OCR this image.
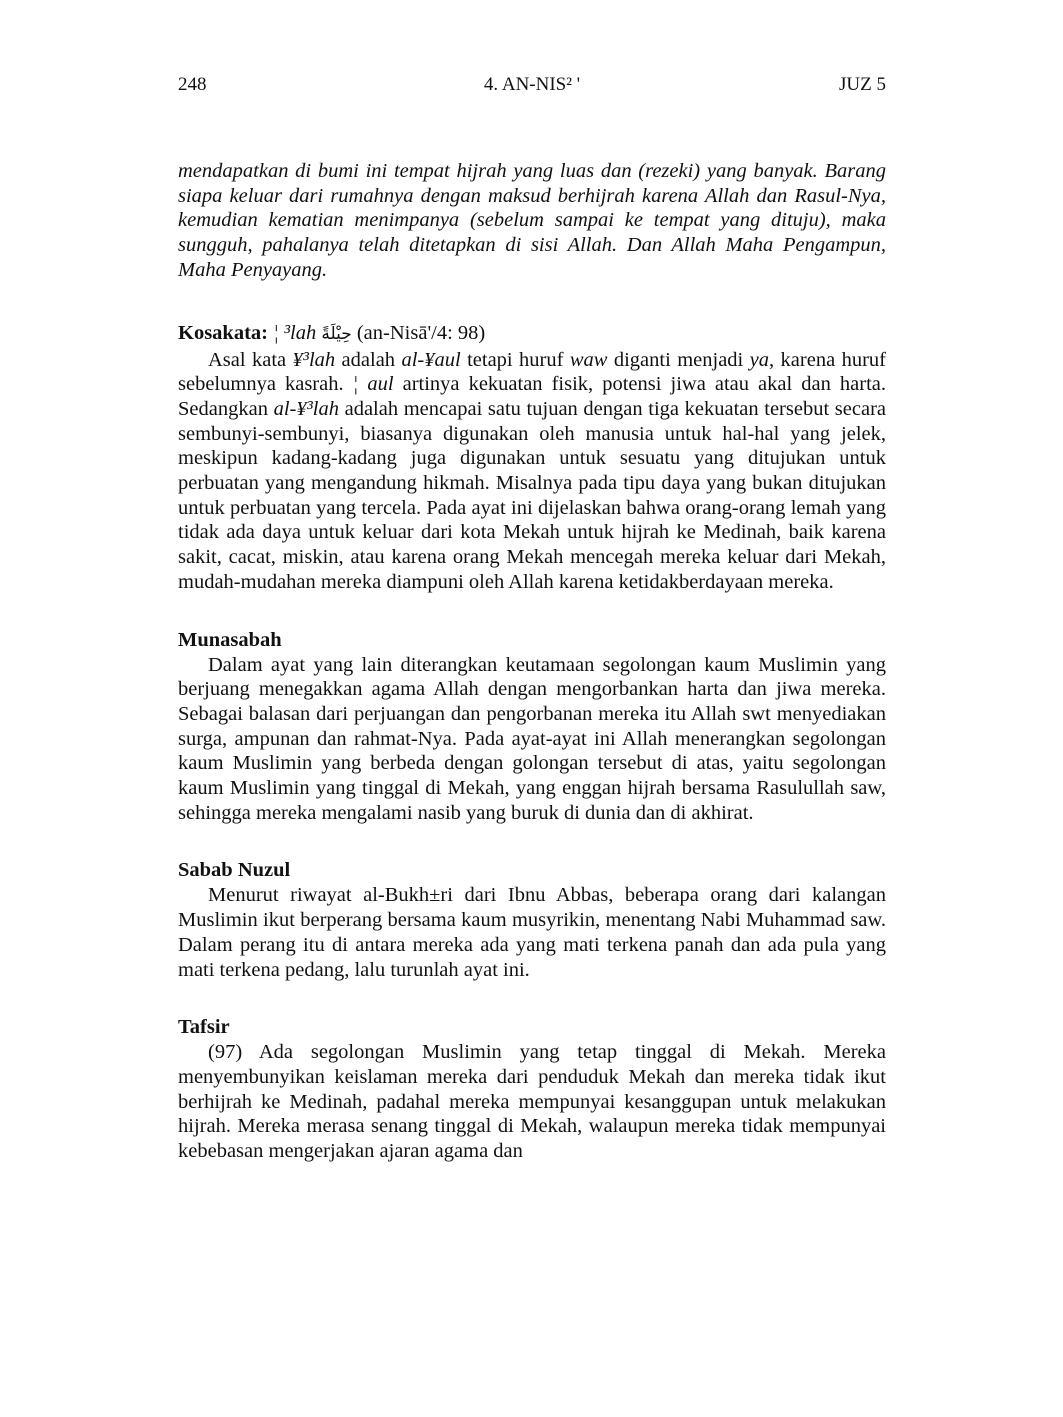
248	4. AN-NIS² '	JUZ 5

mendapatkan di bumi ini tempat hijrah yang luas dan (rezeki) yang banyak. Barang siapa keluar dari rumahnya dengan maksud berhijrah karena Allah dan Rasul-Nya, kemudian kematian menimpanya (sebelum sampai ke tempat yang dituju), maka sungguh, pahalanya telah ditetapkan di sisi Allah. Dan Allah Maha Pengampun, Maha Penyayang.

Kosakata: ¦ ³lah حِيْلَةً (an-Nisā'/4: 98)

Asal kata ¥³lah adalah al-¥aul tetapi huruf waw diganti menjadi ya, karena huruf sebelumnya kasrah. ¦ aul artinya kekuatan fisik, potensi jiwa atau akal dan harta. Sedangkan al-¥³lah adalah mencapai satu tujuan dengan tiga kekuatan tersebut secara sembunyi-sembunyi, biasanya digunakan oleh manusia untuk hal-hal yang jelek, meskipun kadang-kadang juga digunakan untuk sesuatu yang ditujukan untuk perbuatan yang mengandung hikmah. Misalnya pada tipu daya yang bukan ditujukan untuk perbuatan yang tercela. Pada ayat ini dijelaskan bahwa orang-orang lemah yang tidak ada daya untuk keluar dari kota Mekah untuk hijrah ke Medinah, baik karena sakit, cacat, miskin, atau karena orang Mekah mencegah mereka keluar dari Mekah, mudah-mudahan mereka diampuni oleh Allah karena ketidakberdayaan mereka.

Munasabah

Dalam ayat yang lain diterangkan keutamaan segolongan kaum Muslimin yang berjuang menegakkan agama Allah dengan mengorbankan harta dan jiwa mereka. Sebagai balasan dari perjuangan dan pengorbanan mereka itu Allah swt menyediakan surga, ampunan dan rahmat-Nya. Pada ayat-ayat ini Allah menerangkan segolongan kaum Muslimin yang berbeda dengan golongan tersebut di atas, yaitu segolongan kaum Muslimin yang tinggal di Mekah, yang enggan hijrah bersama Rasulullah saw, sehingga mereka mengalami nasib yang buruk di dunia dan di akhirat.

Sabab Nuzul

Menurut riwayat al-Bukh±ri dari Ibnu Abbas, beberapa orang dari kalangan Muslimin ikut berperang bersama kaum musyrikin, menentang Nabi Muhammad saw. Dalam perang itu di antara mereka ada yang mati terkena panah dan ada pula yang mati terkena pedang, lalu turunlah ayat ini.

Tafsir

(97) Ada segolongan Muslimin yang tetap tinggal di Mekah. Mereka menyembunyikan keislaman mereka dari penduduk Mekah dan mereka tidak ikut berhijrah ke Medinah, padahal mereka mempunyai kesanggupan untuk melakukan hijrah. Mereka merasa senang tinggal di Mekah, walaupun mereka tidak mempunyai kebebasan mengerjakan ajaran agama dan
